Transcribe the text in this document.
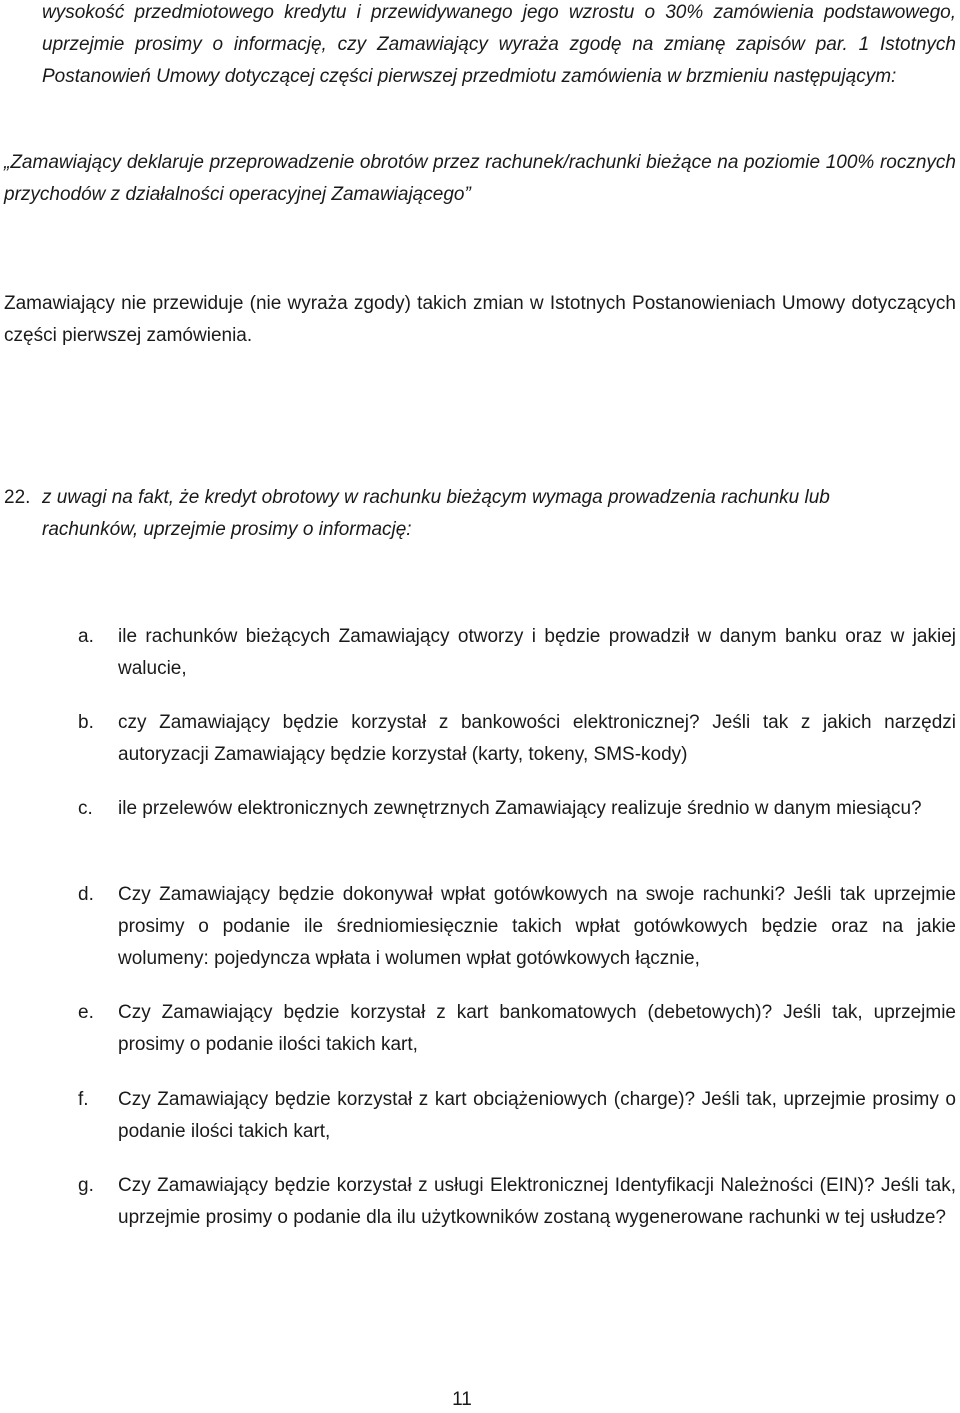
wysokość przedmiotowego kredytu i przewidywanego jego wzrostu o 30% zamówienia podstawowego, uprzejmie prosimy o informację, czy Zamawiający wyraża zgodę na zmianę zapisów par. 1 Istotnych Postanowień Umowy dotyczącej części pierwszej przedmiotu zamówienia w brzmieniu następującym:

„Zamawiający deklaruje przeprowadzenie obrotów przez rachunek/rachunki bieżące na poziomie 100% rocznych przychodów z działalności operacyjnej Zamawiającego”

Zamawiający nie przewiduje (nie wyraża zgody) takich zmian w Istotnych Postanowieniach Umowy dotyczących części pierwszej zamówienia.

22. z uwagi na fakt, że kredyt obrotowy w rachunku bieżącym wymaga prowadzenia rachunku lub
rachunków, uprzejmie prosimy o informację:
a.	ile rachunków bieżących Zamawiający otworzy i będzie prowadził w danym banku oraz w jakiej walucie,
b.	czy Zamawiający będzie korzystał z bankowości elektronicznej? Jeśli tak z jakich narzędzi autoryzacji Zamawiający będzie korzystał (karty, tokeny, SMS-kody)
c.	ile przelewów elektronicznych zewnętrznych Zamawiający realizuje średnio w danym miesiącu?
d.	Czy Zamawiający będzie dokonywał wpłat gotówkowych na swoje rachunki? Jeśli tak uprzejmie prosimy o podanie ile średniomiesięcznie takich wpłat gotówkowych będzie oraz na jakie wolumeny: pojedyncza wpłata i wolumen wpłat gotówkowych łącznie,
e.	Czy Zamawiający będzie korzystał z kart bankomatowych (debetowych)? Jeśli tak, uprzejmie prosimy o podanie ilości takich kart,
f.	Czy Zamawiający będzie korzystał z kart obciążeniowych (charge)? Jeśli tak, uprzejmie prosimy o podanie ilości takich kart,
g.	Czy Zamawiający będzie korzystał z usługi Elektronicznej Identyfikacji Należności (EIN)? Jeśli tak, uprzejmie prosimy o podanie dla ilu użytkowników zostaną wygenerowane rachunki w tej usłudze?
11
